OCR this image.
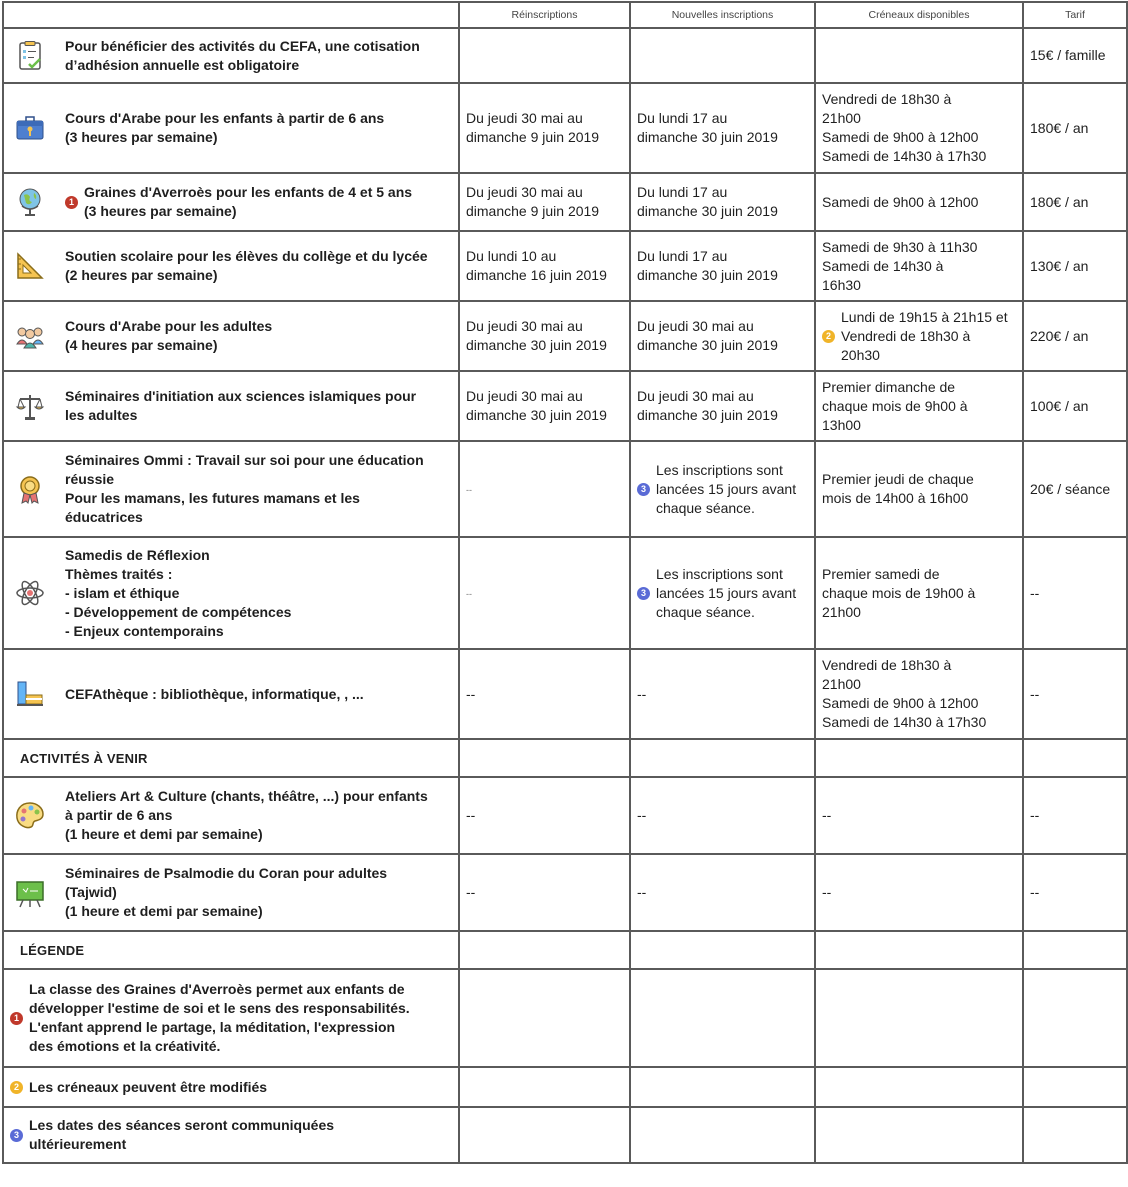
	Réinscriptions	Nouvelles inscriptions	Créneaux disponibles	Tarif

Pour bénéficier des activités du CEFA, une cotisation
d’adhésion annuelle est obligatoire				15€ / famille

Cours d'Arabe pour les enfants à partir de 6 ans
(3 heures par semaine)	Du jeudi 30 mai au
dimanche 9 juin 2019	Du lundi 17 au
dimanche 30 juin 2019	Vendredi de 18h30 à
21h00
Samedi de 9h00 à 12h00
Samedi de 14h30 à 17h30	180€ / an

1
Graines d'Averroès pour les enfants de 4 et 5 ans
(3 heures par semaine)	Du jeudi 30 mai au
dimanche 9 juin 2019	Du lundi 17 au
dimanche 30 juin 2019	Samedi de 9h00 à 12h00	180€ / an

Soutien scolaire pour les élèves du collège et du lycée
(2 heures par semaine)	Du lundi 10 au
dimanche 16 juin 2019	Du lundi 17 au
dimanche 30 juin 2019	Samedi de 9h30 à 11h30
Samedi de 14h30 à
16h30	130€ / an

Cours d'Arabe pour les adultes
(4 heures par semaine)	Du jeudi 30 mai au
dimanche 30 juin 2019	Du jeudi 30 mai au
dimanche 30 juin 2019	2
Lundi de 19h15 à 21h15 et
Vendredi de 18h30 à
20h30	220€ / an

Séminaires d'initiation aux sciences islamiques pour
les adultes	Du jeudi 30 mai au
dimanche 30 juin 2019	Du jeudi 30 mai au
dimanche 30 juin 2019	Premier dimanche de
chaque mois de 9h00 à
13h00	100€ / an

Séminaires Ommi : Travail sur soi pour une éducation
réussie
Pour les mamans, les futures mamans et les
éducatrices	--	3
Les inscriptions sont
lancées 15 jours avant
chaque séance.	Premier jeudi de chaque
mois de 14h00 à 16h00	20€ / séance

Samedis de Réflexion
Thèmes traités :
- islam et éthique
- Développement de compétences
- Enjeux contemporains	--	3
Les inscriptions sont
lancées 15 jours avant
chaque séance.	Premier samedi de
chaque mois de 19h00 à
21h00	--

CEFAthèque : bibliothèque, informatique, , ...	--	--	Vendredi de 18h30 à
21h00
Samedi de 9h00 à 12h00
Samedi de 14h30 à 17h30	--

ACTIVITÉS À VENIR				

Ateliers Art & Culture (chants, théâtre, ...) pour enfants
à partir de 6 ans
(1 heure et demi par semaine)	--	--	--	--

Séminaires de Psalmodie du Coran pour adultes
(Tajwid)
(1 heure et demi par semaine)	--	--	--	--

LÉGENDE				

1
La classe des Graines d'Averroès permet aux enfants de
développer l'estime de soi et le sens des responsabilités.
L'enfant apprend le partage, la méditation, l'expression
des émotions et la créativité.				

2 Les créneaux peuvent être modifiés				

3
Les dates des séances seront communiquées
ultérieurement				
